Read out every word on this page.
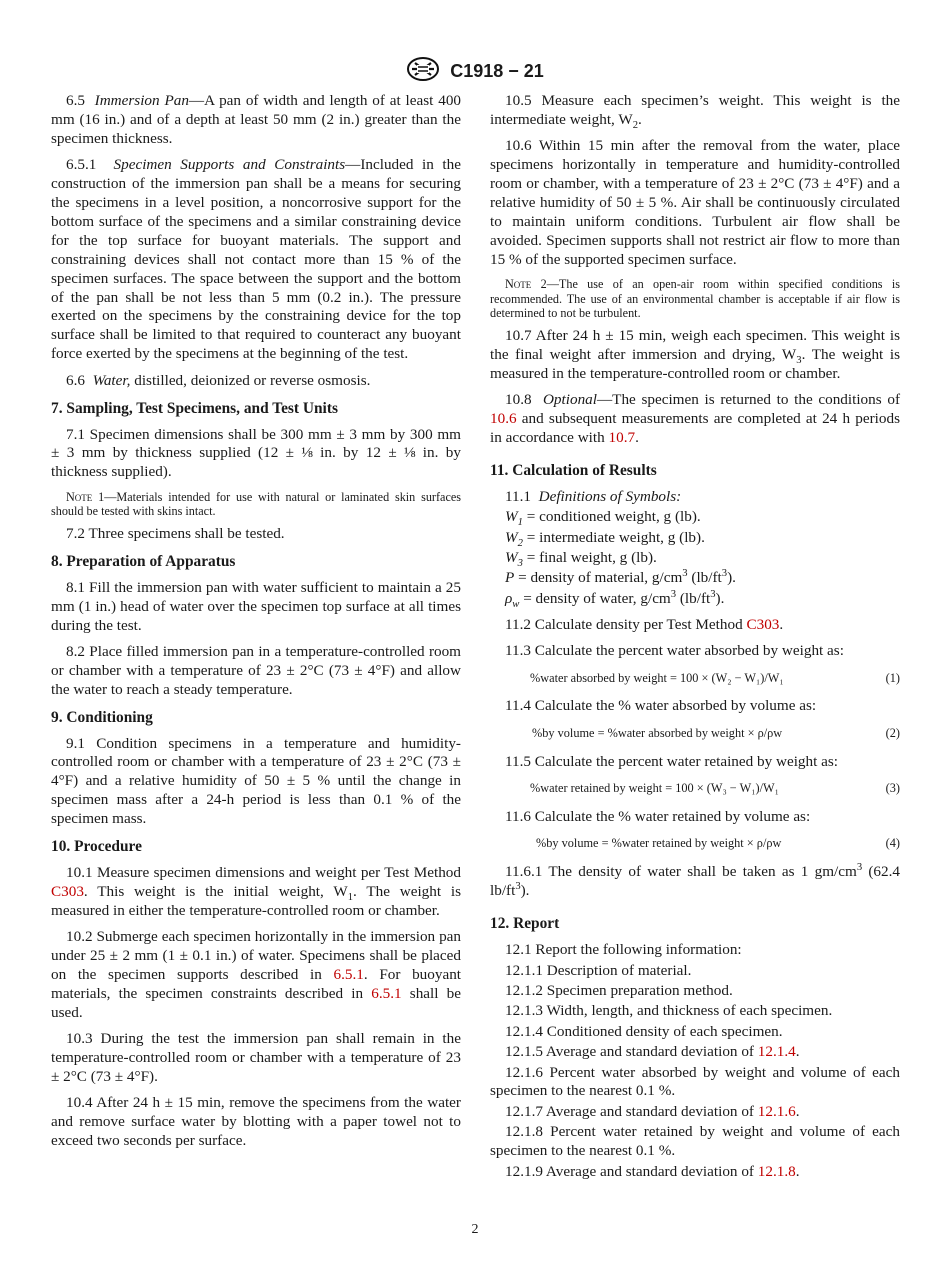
C1918 − 21

6.5 Immersion Pan—A pan of width and length of at least 400 mm (16 in.) and of a depth at least 50 mm (2 in.) greater than the specimen thickness.

6.5.1 Specimen Supports and Constraints—Included in the construction of the immersion pan shall be a means for securing the specimens in a level position, a noncorrosive support for the bottom surface of the specimens and a similar constraining device for the top surface for buoyant materials. The support and constraining devices shall not contact more than 15 % of the specimen surfaces. The space between the support and the bottom of the pan shall be not less than 5 mm (0.2 in.). The pressure exerted on the specimens by the constraining device for the top surface shall be limited to that required to counteract any buoyant force exerted by the specimens at the beginning of the test.

6.6 Water, distilled, deionized or reverse osmosis.

7. Sampling, Test Specimens, and Test Units

7.1 Specimen dimensions shall be 300 mm ± 3 mm by 300 mm ± 3 mm by thickness supplied (12 ± ⅛ in. by 12 ± ⅛ in. by thickness supplied).

Note 1—Materials intended for use with natural or laminated skin surfaces should be tested with skins intact.

7.2 Three specimens shall be tested.

8. Preparation of Apparatus

8.1 Fill the immersion pan with water sufficient to maintain a 25 mm (1 in.) head of water over the specimen top surface at all times during the test.

8.2 Place filled immersion pan in a temperature-controlled room or chamber with a temperature of 23 ± 2°C (73 ± 4°F) and allow the water to reach a steady temperature.

9. Conditioning

9.1 Condition specimens in a temperature and humidity-controlled room or chamber with a temperature of 23 ± 2°C (73 ± 4°F) and a relative humidity of 50 ± 5 % until the change in specimen mass after a 24-h period is less than 0.1 % of the specimen mass.

10. Procedure

10.1 Measure specimen dimensions and weight per Test Method C303. This weight is the initial weight, $W_1$. The weight is measured in either the temperature-controlled room or chamber.

10.2 Submerge each specimen horizontally in the immersion pan under 25 ± 2 mm (1 ± 0.1 in.) of water. Specimens shall be placed on the specimen supports described in 6.5.1. For buoyant materials, the specimen constraints described in 6.5.1 shall be used.

10.3 During the test the immersion pan shall remain in the temperature-controlled room or chamber with a temperature of 23 ± 2°C (73 ± 4°F).

10.4 After 24 h ± 15 min, remove the specimens from the water and remove surface water by blotting with a paper towel not to exceed two seconds per surface.

10.5 Measure each specimen’s weight. This weight is the intermediate weight, $W_2$.

10.6 Within 15 min after the removal from the water, place specimens horizontally in temperature and humidity-controlled room or chamber, with a temperature of 23 ± 2°C (73 ± 4°F) and a relative humidity of 50 ± 5 %. Air shall be continuously circulated to maintain uniform conditions. Turbulent air flow shall be avoided. Specimen supports shall not restrict air flow to more than 15 % of the supported specimen surface.

Note 2—The use of an open-air room within specified conditions is recommended. The use of an environmental chamber is acceptable if air flow is determined to not be turbulent.

10.7 After 24 h ± 15 min, weigh each specimen. This weight is the final weight after immersion and drying, $W_3$. The weight is measured in the temperature-controlled room or chamber.

10.8 Optional—The specimen is returned to the conditions of 10.6 and subsequent measurements are completed at 24 h periods in accordance with 10.7.

11. Calculation of Results

11.1 Definitions of Symbols:

$W_1$ = conditioned weight, g (lb).

$W_2$ = intermediate weight, g (lb).

$W_3$ = final weight, g (lb).

P = density of material, $g/cm^3$ $(lb/ft^3)$.

$\rho_w$ = density of water, $g/cm^3$ $(lb/ft^3)$.

11.2 Calculate density per Test Method C303.

11.3 Calculate the percent water absorbed by weight as:

%water absorbed by weight = 100 × (W₂ − W₁)/W₁	(1)

11.4 Calculate the % water absorbed by volume as:

%by volume = %water absorbed by weight × ρ/ρw	(2)

11.5 Calculate the percent water retained by weight as:

%water retained by weight = 100 × (W₃ − W₁)/W₁	(3)

11.6 Calculate the % water retained by volume as:

%by volume = %water retained by weight × ρ/ρw	(4)

11.6.1 The density of water shall be taken as 1 $gm/cm^3$ (62.4 $lb/ft^3$).

12. Report

12.1 Report the following information:

12.1.1 Description of material.

12.1.2 Specimen preparation method.

12.1.3 Width, length, and thickness of each specimen.

12.1.4 Conditioned density of each specimen.

12.1.5 Average and standard deviation of 12.1.4.

12.1.6 Percent water absorbed by weight and volume of each specimen to the nearest 0.1 %.

12.1.7 Average and standard deviation of 12.1.6.

12.1.8 Percent water retained by weight and volume of each specimen to the nearest 0.1 %.

12.1.9 Average and standard deviation of 12.1.8.

2
